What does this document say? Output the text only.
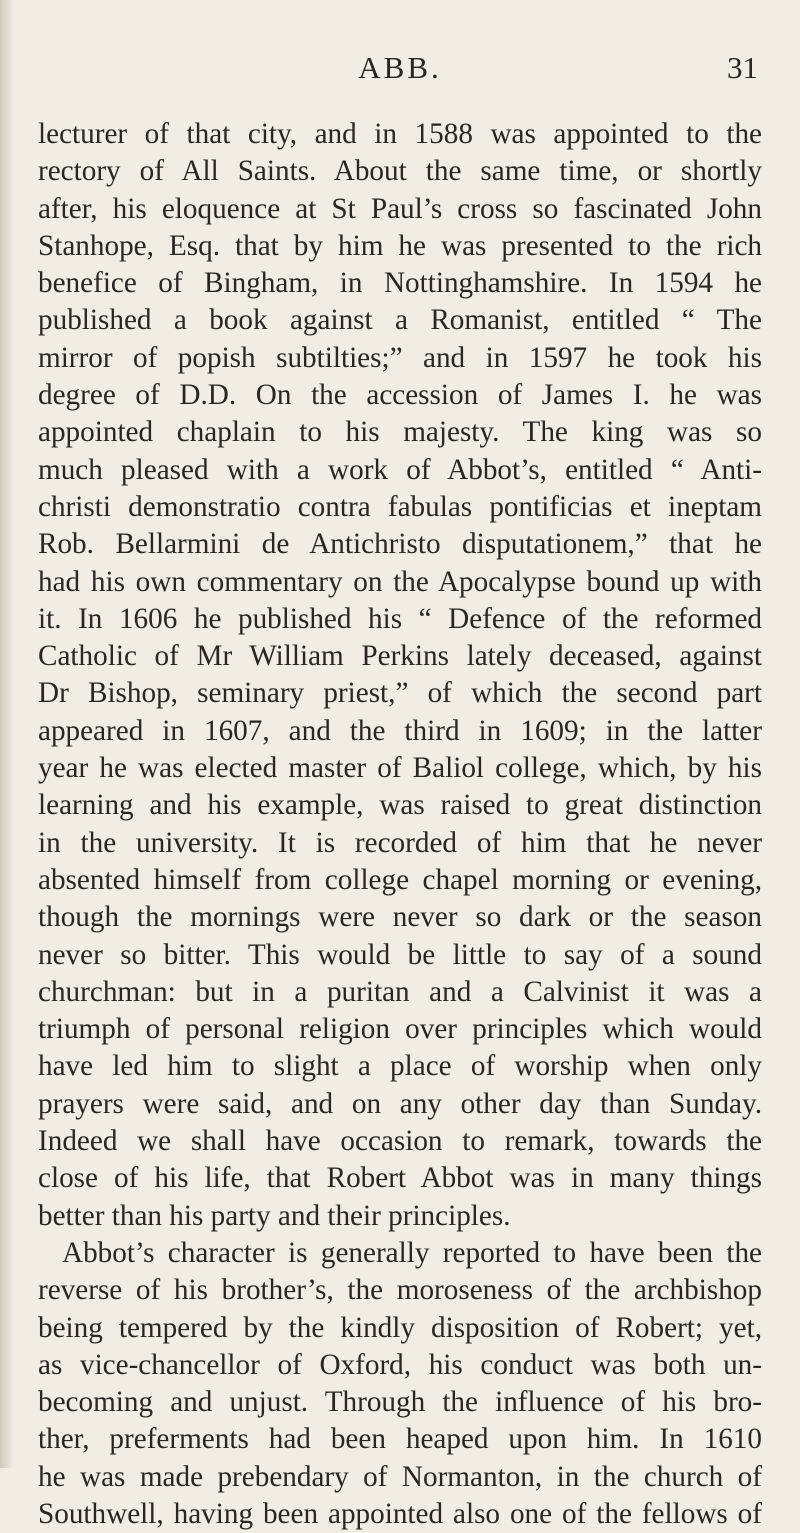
ABB.	31
lecturer of that city, and in 1588 was appointed to the
rectory of All Saints. About the same time, or shortly
after, his eloquence at St Paul’s cross so fascinated John
Stanhope, Esq. that by him he was presented to the rich
benefice of Bingham, in Nottinghamshire. In 1594 he
published a book against a Romanist, entitled “ The
mirror of popish subtilties;” and in 1597 he took his
degree of D.D. On the accession of James I. he was
appointed chaplain to his majesty. The king was so
much pleased with a work of Abbot’s, entitled “ Anti-
christi demonstratio contra fabulas pontificias et ineptam
Rob. Bellarmini de Antichristo disputationem,” that he
had his own commentary on the Apocalypse bound up with
it. In 1606 he published his “ Defence of the reformed
Catholic of Mr William Perkins lately deceased, against
Dr Bishop, seminary priest,” of which the second part
appeared in 1607, and the third in 1609; in the latter
year he was elected master of Baliol college, which, by his
learning and his example, was raised to great distinction
in the university. It is recorded of him that he never
absented himself from college chapel morning or evening,
though the mornings were never so dark or the season
never so bitter. This would be little to say of a sound
churchman: but in a puritan and a Calvinist it was a
triumph of personal religion over principles which would
have led him to slight a place of worship when only
prayers were said, and on any other day than Sunday.
Indeed we shall have occasion to remark, towards the
close of his life, that Robert Abbot was in many things
better than his party and their principles.
Abbot’s character is generally reported to have been the
reverse of his brother’s, the moroseness of the archbishop
being tempered by the kindly disposition of Robert; yet,
as vice-chancellor of Oxford, his conduct was both un-
becoming and unjust. Through the influence of his bro-
ther, preferments had been heaped upon him. In 1610
he was made prebendary of Normanton, in the church of
Southwell, having been appointed also one of the fellows of
